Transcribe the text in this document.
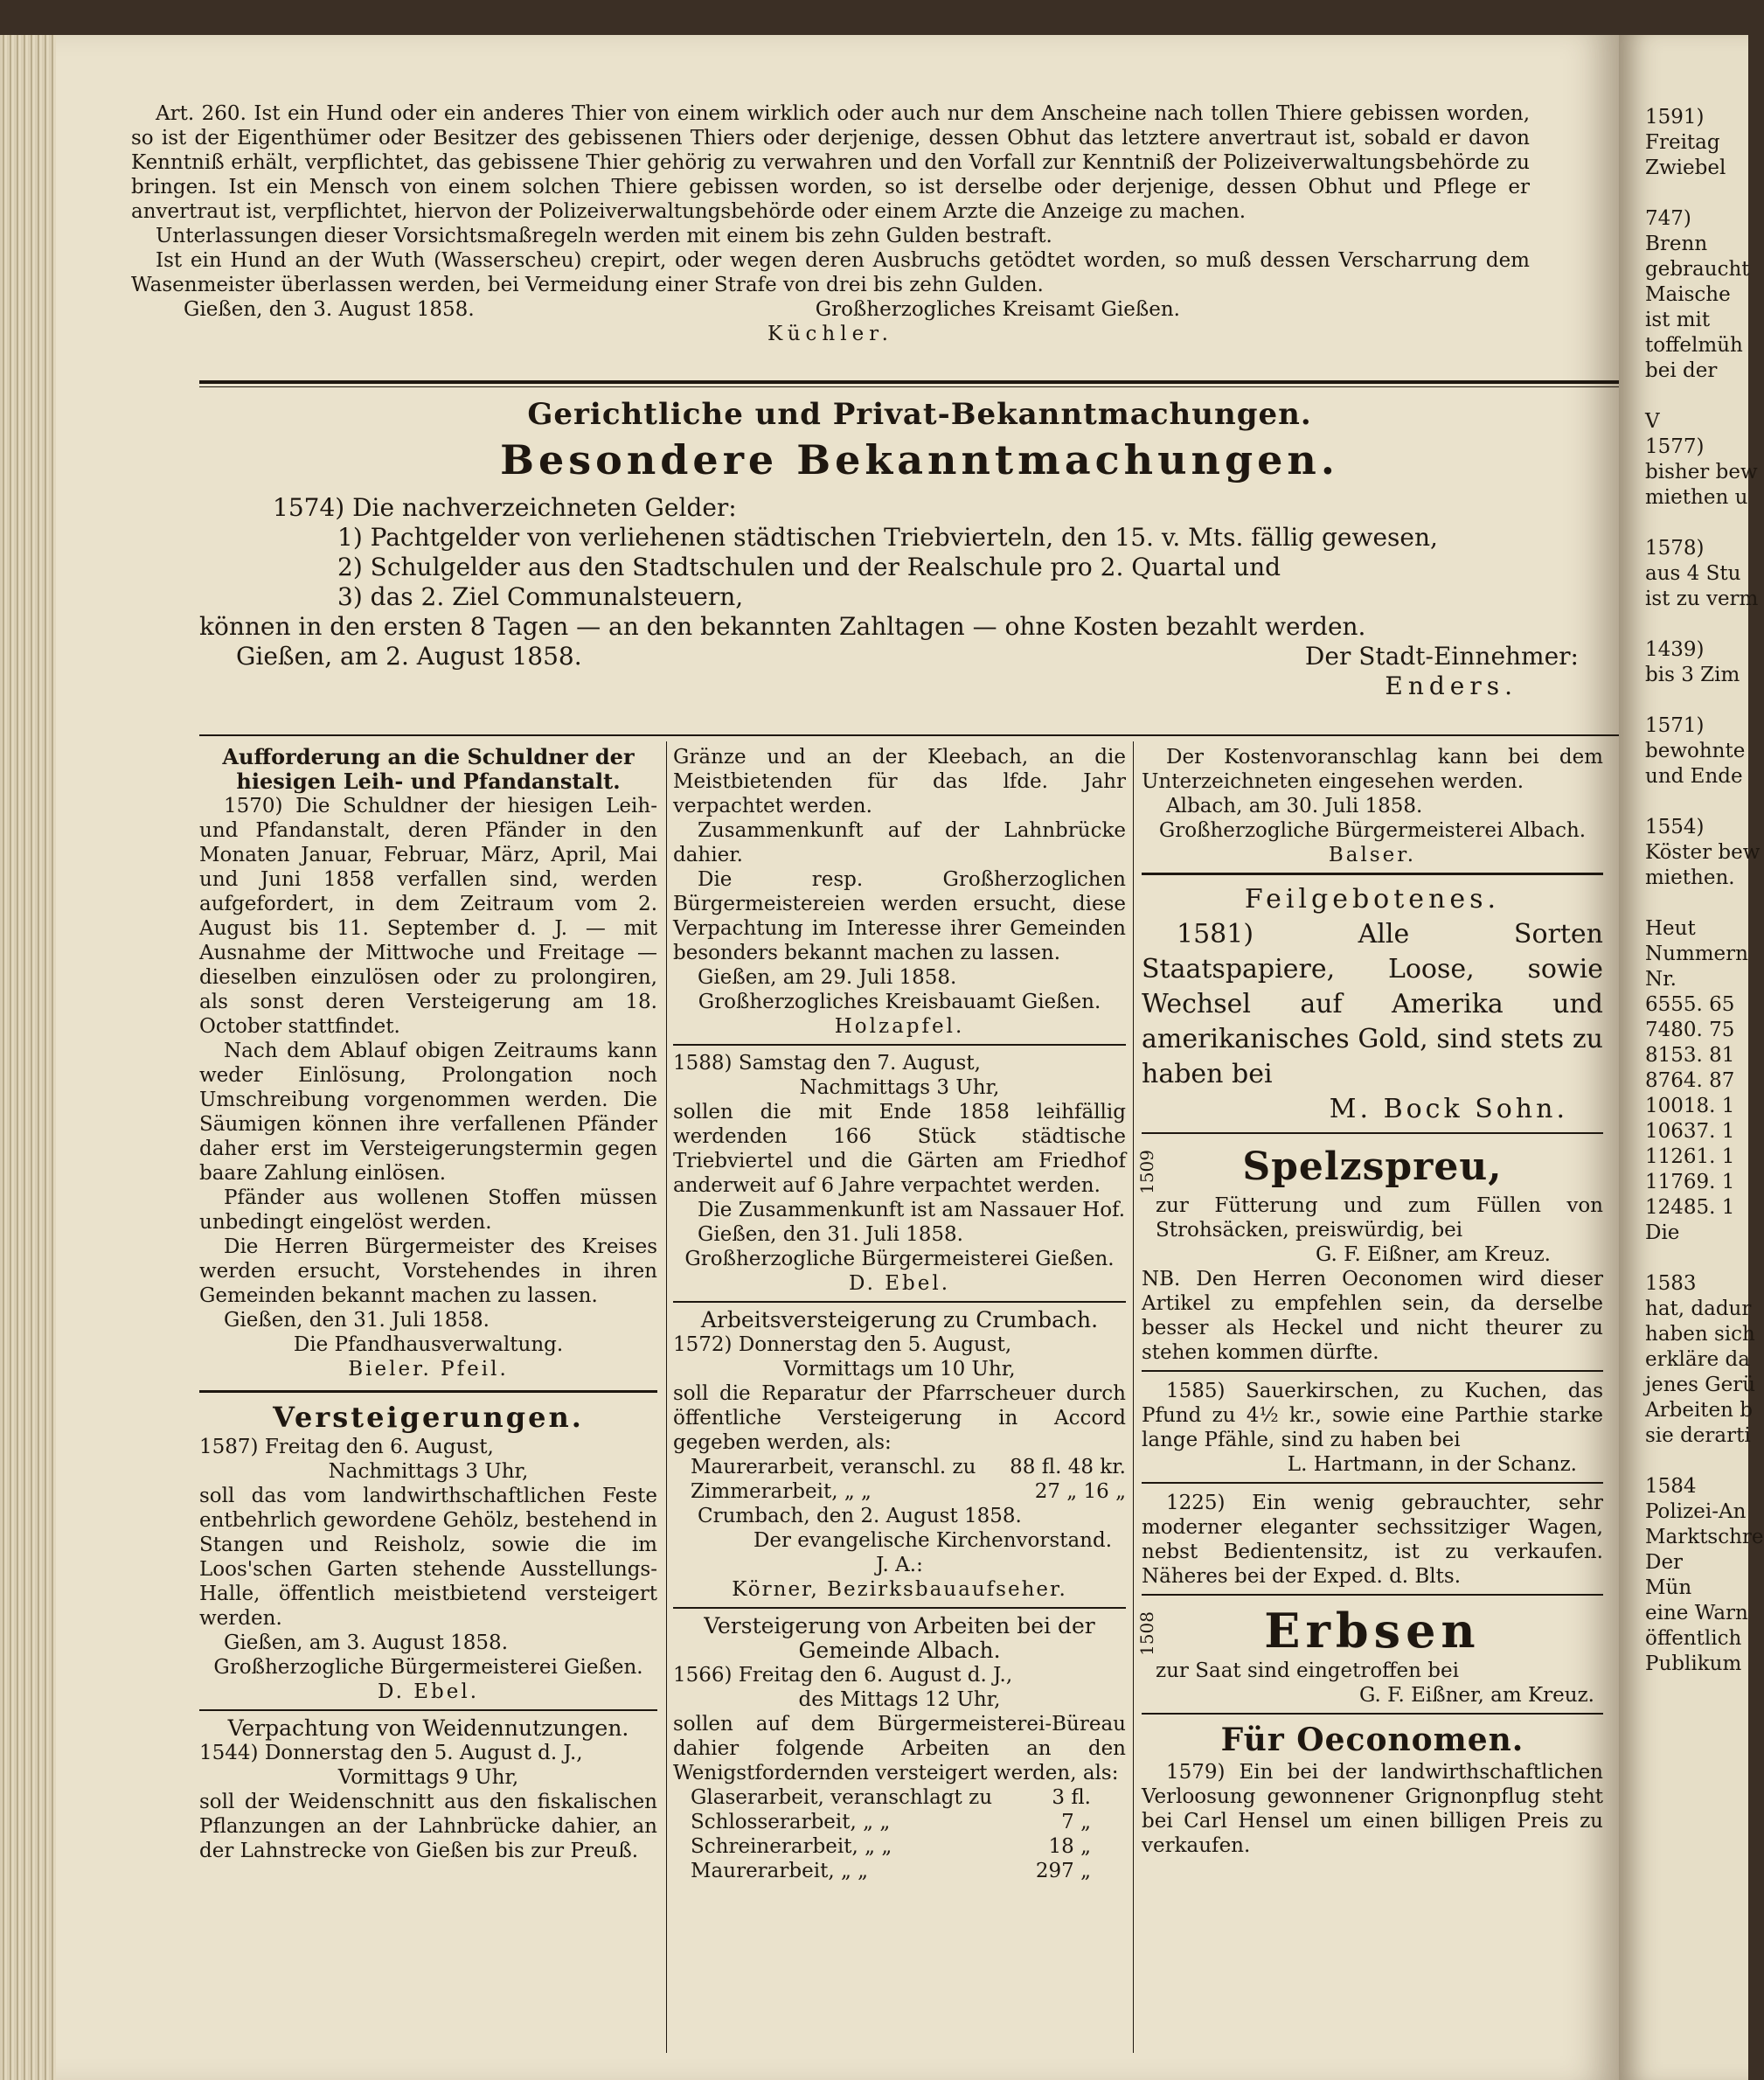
Art. 260. Ist ein Hund oder ein anderes Thier von einem wirklich oder auch nur dem Anscheine nach tollen Thiere gebissen worden, so ist der Eigenthümer oder Besitzer des gebissenen Thiers oder derjenige, dessen Obhut das letztere anvertraut ist, sobald er davon Kenntniß erhält, verpflichtet, das gebissene Thier gehörig zu verwahren und den Vorfall zur Kenntniß der Polizeiverwaltungsbehörde zu bringen. Ist ein Mensch von einem solchen Thiere gebissen worden, so ist derselbe oder derjenige, dessen Obhut und Pflege er anvertraut ist, verpflichtet, hiervon der Polizeiverwaltungsbehörde oder einem Arzte die Anzeige zu machen.

Unterlassungen dieser Vorsichtsmaßregeln werden mit einem bis zehn Gulden bestraft.

Ist ein Hund an der Wuth (Wasserscheu) crepirt, oder wegen deren Ausbruchs getödtet worden, so muß dessen Verscharrung dem Wasenmeister überlassen werden, bei Vermeidung einer Strafe von drei bis zehn Gulden.

Gießen, den 3. August 1858.	Großherzogliches Kreisamt Gießen.

Küchler.

Gerichtliche und Privat-Bekanntmachungen.
Besondere Bekanntmachungen.

1574) Die nachverzeichneten Gelder:

1) Pachtgelder von verliehenen städtischen Triebvierteln, den 15. v. Mts. fällig gewesen,

2) Schulgelder aus den Stadtschulen und der Realschule pro 2. Quartal und

3) das 2. Ziel Communalsteuern,

können in den ersten 8 Tagen — an den bekannten Zahltagen — ohne Kosten bezahlt werden.

Gießen, am 2. August 1858.	Der Stadt-Einnehmer:

Enders.

Aufforderung an die Schuldner der hiesigen Leih- und Pfandanstalt.

1570) Die Schuldner der hiesigen Leih- und Pfandanstalt, deren Pfänder in den Monaten Januar, Februar, März, April, Mai und Juni 1858 verfallen sind, werden aufgefordert, in dem Zeitraum vom 2. August bis 11. September d. J. — mit Ausnahme der Mittwoche und Freitage — dieselben einzulösen oder zu prolongiren, als sonst deren Versteigerung am 18. October stattfindet.

Nach dem Ablauf obigen Zeitraums kann weder Einlösung, Prolongation noch Umschreibung vorgenommen werden. Die Säumigen können ihre verfallenen Pfänder daher erst im Versteigerungstermin gegen baare Zahlung einlösen.

Pfänder aus wollenen Stoffen müssen unbedingt eingelöst werden.

Die Herren Bürgermeister des Kreises werden ersucht, Vorstehendes in ihren Gemeinden bekannt machen zu lassen.

Gießen, den 31. Juli 1858.

Die Pfandhausverwaltung.

Bieler. Pfeil.

Versteigerungen.

1587) Freitag den 6. August,

Nachmittags 3 Uhr,

soll das vom landwirthschaftlichen Feste entbehrlich gewordene Gehölz, bestehend in Stangen und Reisholz, sowie die im Loos'schen Garten stehende Ausstellungs-Halle, öffentlich meistbietend versteigert werden.

Gießen, am 3. August 1858.

Großherzogliche Bürgermeisterei Gießen.

D. Ebel.

Verpachtung von Weidennutzungen.

1544) Donnerstag den 5. August d. J.,

Vormittags 9 Uhr,

soll der Weidenschnitt aus den fiskalischen Pflanzungen an der Lahnbrücke dahier, an der Lahnstrecke von Gießen bis zur Preuß.

Gränze und an der Kleebach, an die Meistbietenden für das lfde. Jahr verpachtet werden.

Zusammenkunft auf der Lahnbrücke dahier.

Die resp. Großherzoglichen Bürgermeistereien werden ersucht, diese Verpachtung im Interesse ihrer Gemeinden besonders bekannt machen zu lassen.

Gießen, am 29. Juli 1858.

Großherzogliches Kreisbauamt Gießen.

Holzapfel.

1588) Samstag den 7. August,

Nachmittags 3 Uhr,

sollen die mit Ende 1858 leihfällig werdenden 166 Stück städtische Triebviertel und die Gärten am Friedhof anderweit auf 6 Jahre verpachtet werden.

Die Zusammenkunft ist am Nassauer Hof.

Gießen, den 31. Juli 1858.

Großherzogliche Bürgermeisterei Gießen.

D. Ebel.

Arbeitsversteigerung zu Crumbach.

1572) Donnerstag den 5. August,

Vormittags um 10 Uhr,

soll die Reparatur der Pfarrscheuer durch öffentliche Versteigerung in Accord gegeben werden, als:

Maurerarbeit, veranschl. zu 88 fl. 48 kr.
Zimmerarbeit, „ „	27 „ 16 „

Crumbach, den 2. August 1858.

Der evangelische Kirchenvorstand.

J. A.:

Körner, Bezirksbauaufseher.

Versteigerung von Arbeiten bei der Gemeinde Albach.

1566) Freitag den 6. August d. J.,

des Mittags 12 Uhr,

sollen auf dem Bürgermeisterei-Büreau dahier folgende Arbeiten an den Wenigstfordernden versteigert werden, als:

Glaserarbeit, veranschlagt zu	3 fl.
Schlosserarbeit, „ „	7 „
Schreinerarbeit, „ „	18 „
Maurerarbeit, „ „	297 „

Der Kostenvoranschlag kann bei dem Unterzeichneten eingesehen werden.

Albach, am 30. Juli 1858.

Großherzogliche Bürgermeisterei Albach.

Balser.

Feilgebotenes.

1581) Alle Sorten Staatspapiere, Loose, sowie Wechsel auf Amerika und amerikanisches Gold, sind stets zu haben bei

M. Bock Sohn.

1509	Spelzspreu,

zur Fütterung und zum Füllen von Strohsäcken, preiswürdig, bei

G. F. Eißner, am Kreuz.

NB. Den Herren Oeconomen wird dieser Artikel zu empfehlen sein, da derselbe besser als Heckel und nicht theurer zu stehen kommen dürfte.

1585) Sauerkirschen, zu Kuchen, das Pfund zu 4½ kr., sowie eine Parthie starke lange Pfähle, sind zu haben bei

L. Hartmann, in der Schanz.

1225) Ein wenig gebrauchter, sehr moderner eleganter sechssitziger Wagen, nebst Bedientensitz, ist zu verkaufen. Näheres bei der Exped. d. Blts.

1508	Erbsen

zur Saat sind eingetroffen bei

G. F. Eißner, am Kreuz.

Für Oeconomen.

1579) Ein bei der landwirthschaftlichen Verloosung gewonnener Grignonpflug steht bei Carl Hensel um einen billigen Preis zu verkaufen.

1591)
Freitag
Zwiebel

747)
Brenn
gebraucht
Maische
ist mit
toffelmüh
bei der

V
1577)
bisher bew
miethen u

1578)
aus 4 Stu
ist zu verm

1439)
bis 3 Zim

1571)
bewohnte
und Ende

1554)
Köster bew
miethen.

Heut
Nummern
Nr.
6555. 65
7480. 75
8153. 81
8764. 87
10018. 1
10637. 1
11261. 1
11769. 1
12485. 1
Die

1583
hat, dadur
haben sich
erkläre da
jenes Gerü
Arbeiten b
sie derarti

1584
Polizei-An
Marktschre
Der
Mün
eine Warn
öffentlich
Publikum
